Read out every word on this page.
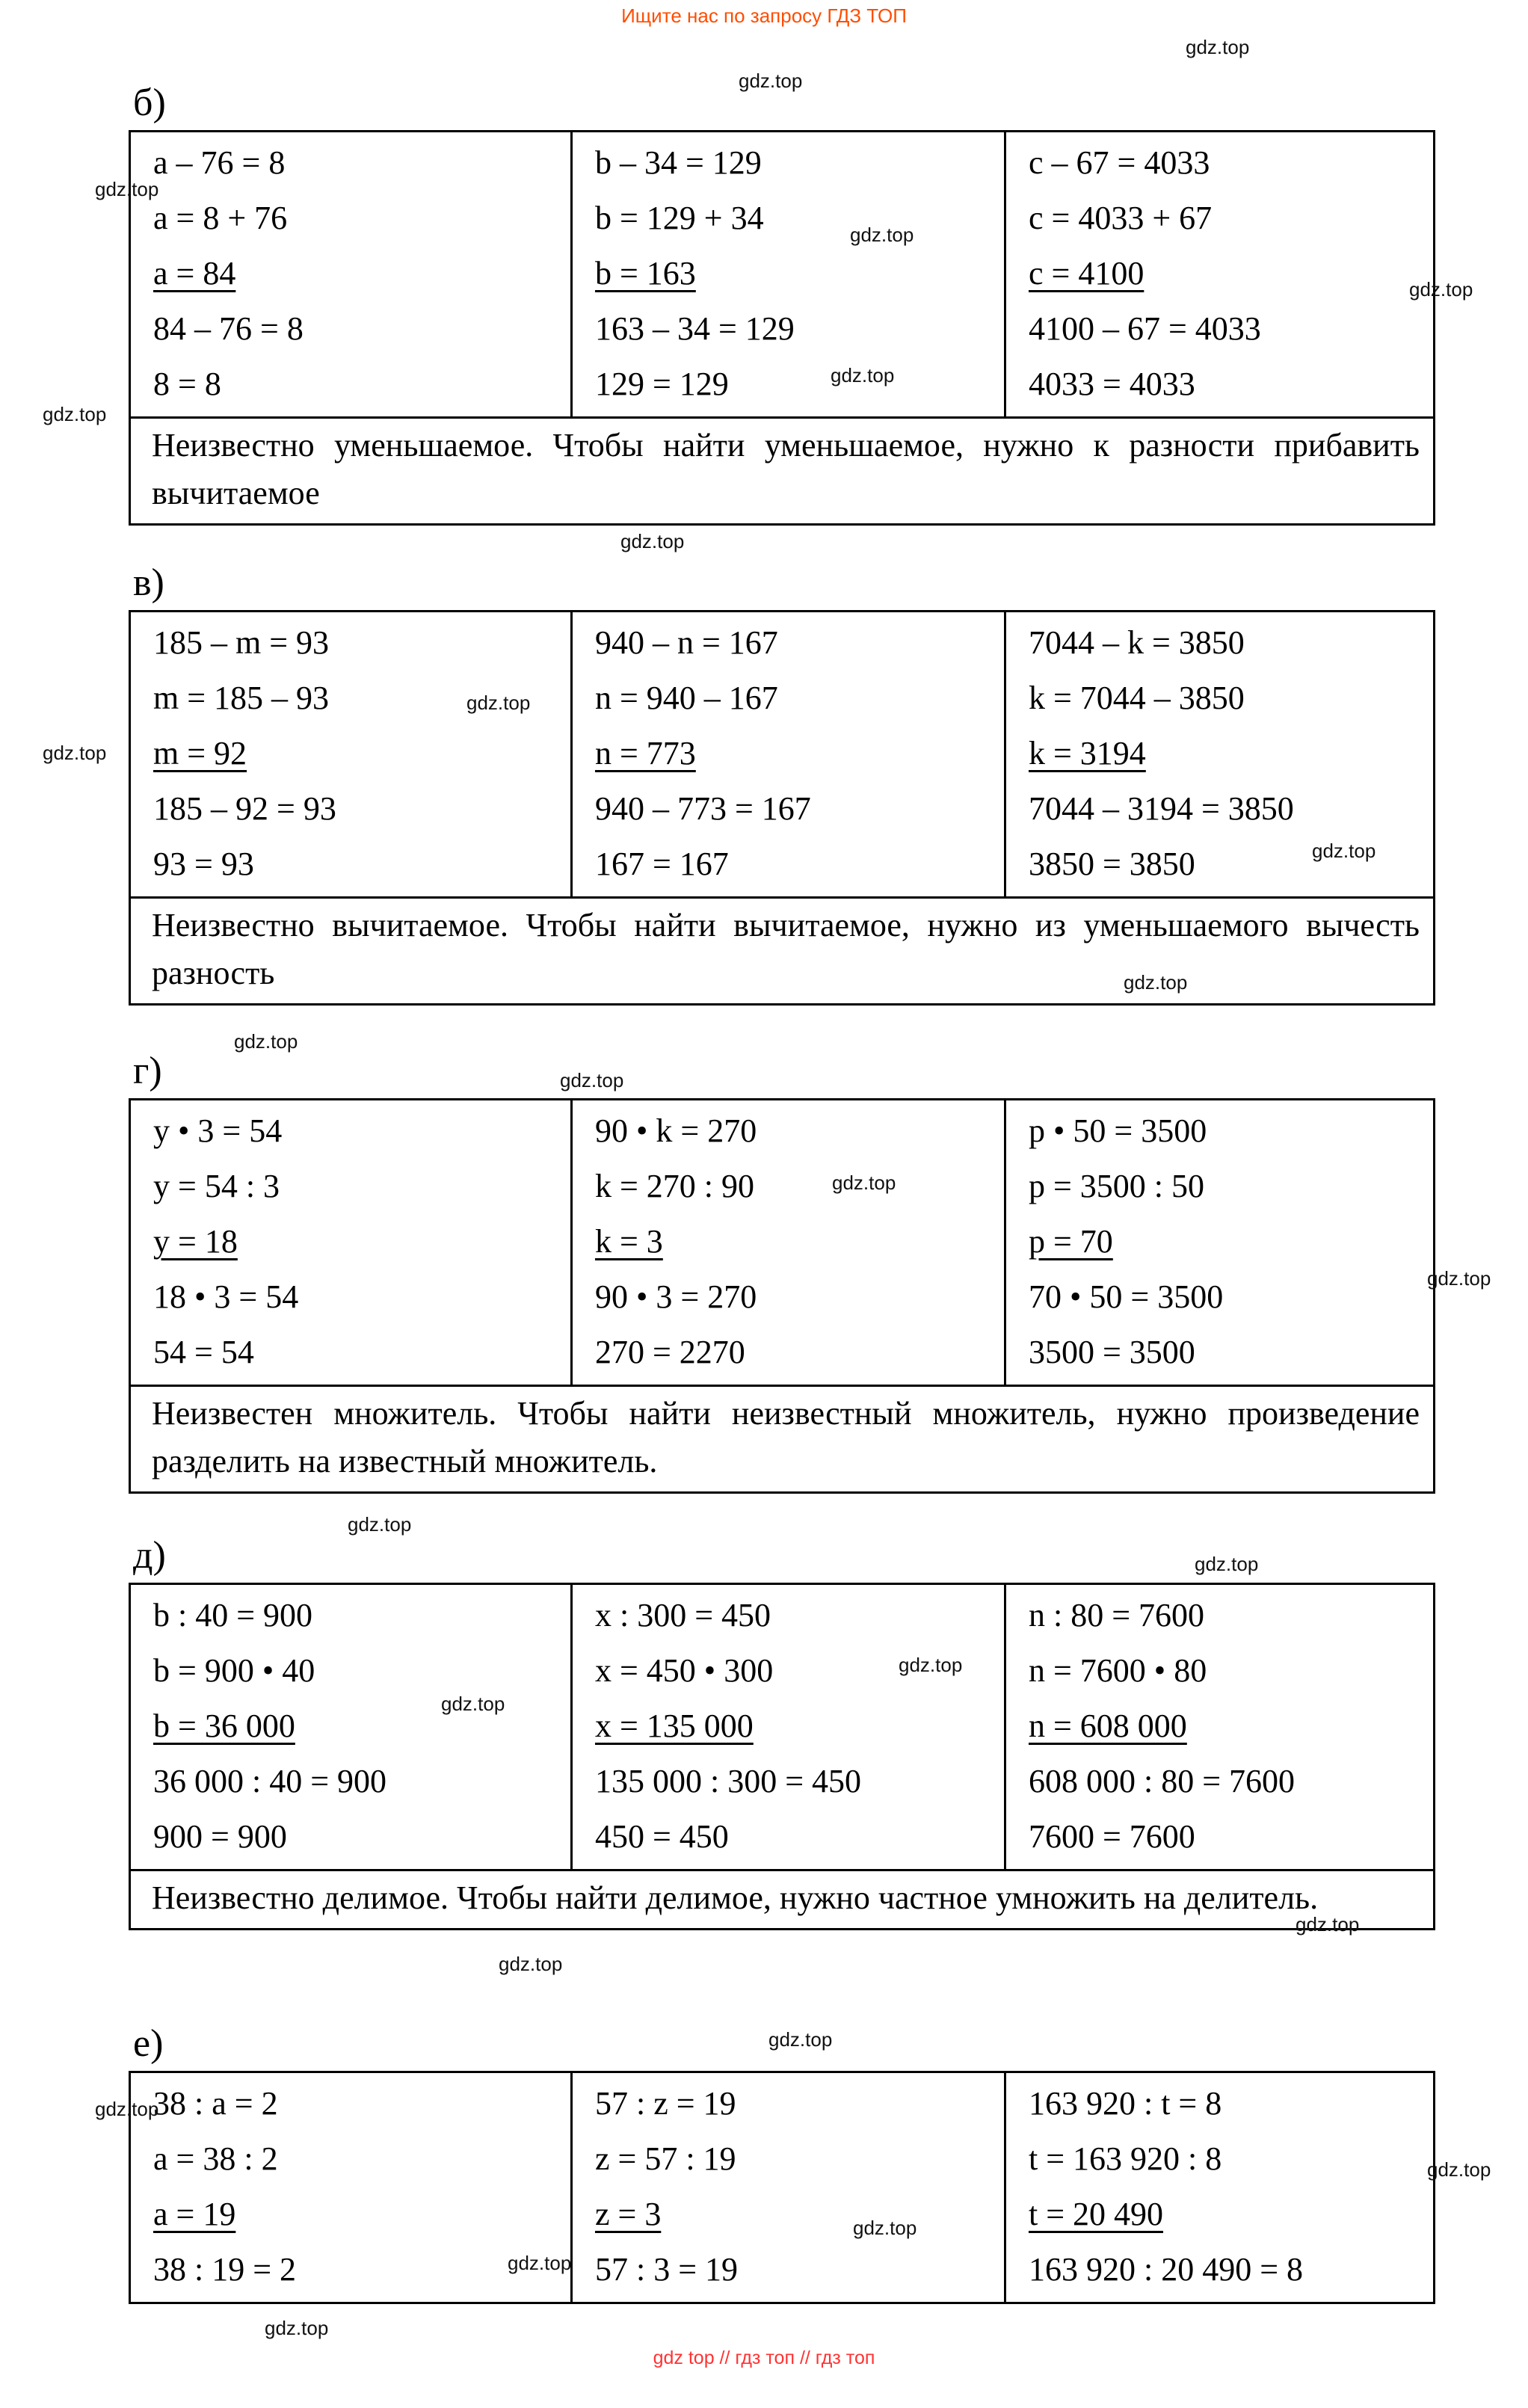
Ищите нас по запросу ГДЗ ТОП
б)
a – 76 = 8
a = 8 + 76
a = 84
84 – 76 = 8
8 = 8
b – 34 = 129
b = 129 + 34
b = 163
163 – 34 = 129
129 = 129
c – 67 = 4033
c = 4033 + 67
c = 4100
4100 – 67 = 4033
4033 = 4033
Неизвестно уменьшаемое. Чтобы найти уменьшаемое, нужно к разности прибавить вычитаемое
в)
185 – m = 93
m = 185 – 93
m = 92
185 – 92 = 93
93 = 93
940 – n = 167
n = 940 – 167
n = 773
940 – 773 = 167
167 = 167
7044 – k = 3850
k = 7044 – 3850
k = 3194
7044 – 3194 = 3850
3850 = 3850
Неизвестно вычитаемое. Чтобы найти вычитаемое, нужно из уменьшаемого вычесть разность
г)
y • 3 = 54
y = 54 : 3
y = 18
18 • 3 = 54
54 = 54
90 • k = 270
k = 270 : 90
k = 3
90 • 3 = 270
270 = 2270
p • 50 = 3500
p = 3500 : 50
p = 70
70 • 50 = 3500
3500 = 3500
Неизвестен множитель. Чтобы найти неизвестный множитель, нужно произведение разделить на известный множитель.
д)
b : 40 = 900
b = 900 • 40
b = 36 000
36 000 : 40 = 900
900 = 900
x : 300 = 450
x = 450 • 300
x = 135 000
135 000 : 300 = 450
450 = 450
n : 80 = 7600
n = 7600 • 80
n = 608 000
608 000 : 80 = 7600
7600 = 7600
Неизвестно делимое. Чтобы найти делимое, нужно частное умножить на делитель.
е)
38 : a = 2
a = 38 : 2
a = 19
38 : 19 = 2
57 : z = 19
z = 57 : 19
z = 3
57 : 3 = 19
163 920 : t = 8
t = 163 920 : 8
t = 20 490
163 920 : 20 490 = 8
gdz.top
gdz.top
gdz.top
gdz.top
gdz.top
gdz.top
gdz.top
gdz.top
gdz.top
gdz.top
gdz.top
gdz.top
gdz.top
gdz.top
gdz.top
gdz.top
gdz.top
gdz.top
gdz.top
gdz.top
gdz.top
gdz.top
gdz.top
gdz.top
gdz.top
gdz.top
gdz.top
gdz.top
gdz top // гдз топ // гдз топ
